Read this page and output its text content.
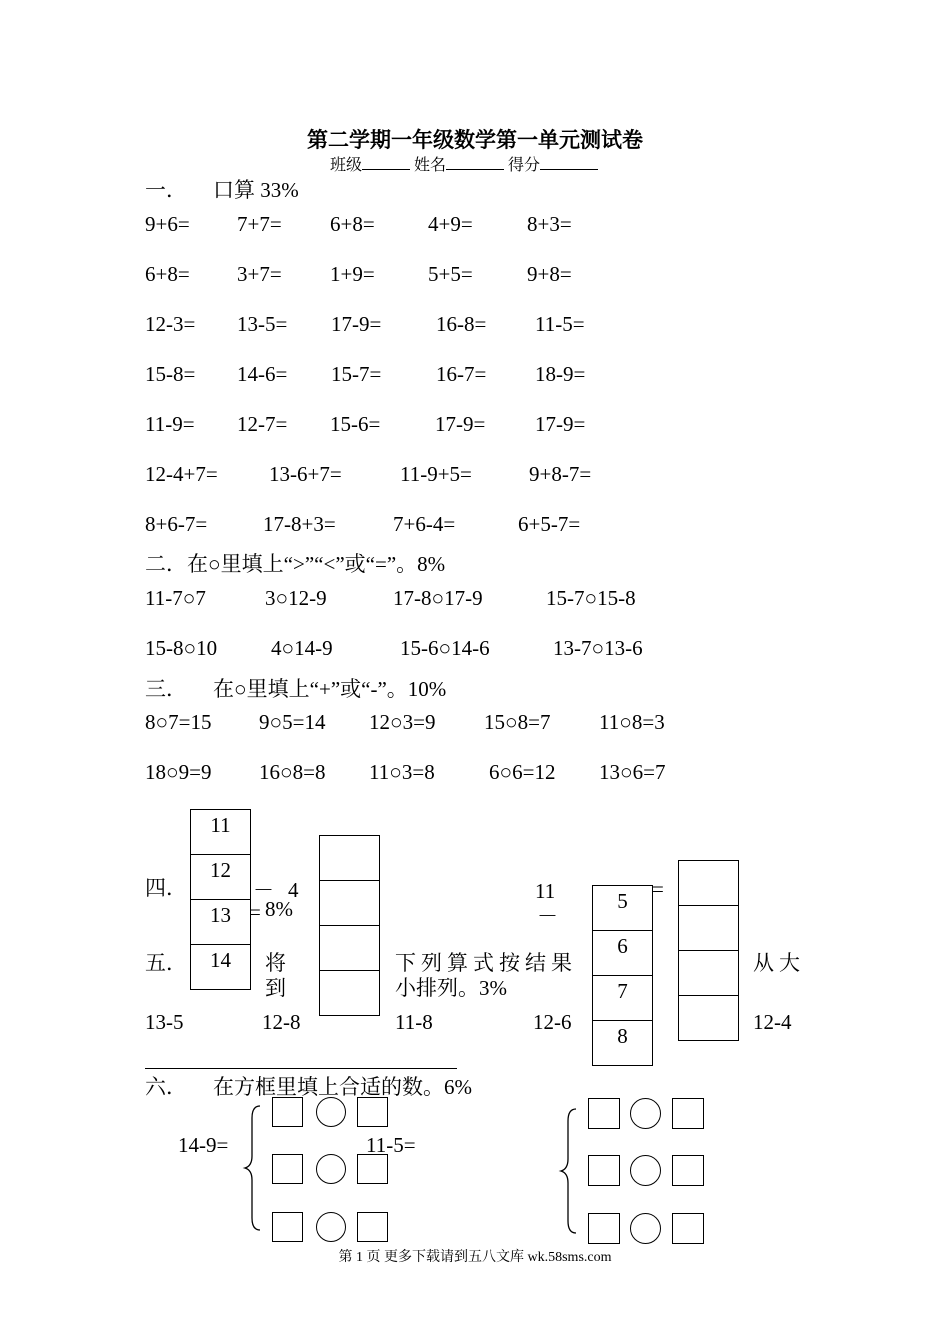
第二学期一年级数学第一单元测试卷
班级	姓名	得分
一． 口算 33%
9+6= 7+7= 6+8=	4+9=	8+3=
6+8= 3+7= 1+9=	5+5=	9+8=
12-3= 13-5= 17-9=	16-8= 11-5=
15-8= 14-6= 15-7=	16-7= 18-9=
11-9= 12-7= 15-6=	17-9= 17-9=
12-4+7= 13-6+7=	11-9+5=	9+8-7=
8+6-7=	17-8+3=	7+6-4=	6+5-7=
二．在○里填上“>”“<”或“=”。8%
11-7○7	3○12-9	17-8○17-9	15-7○15-8
15-8○10	4○14-9	15-6○14-6	13-7○13-6
三． 在○里填上“+”或“-”。10%
8○7=15 9○5=14 12○3=9 15○8=7 11○8=3
18○9=9 16○8=8 11○3=8	6○6=12 13○6=7
四．
11
12
13
14
－ 4
= 8%
11
－
5
6
7
8
=
五．	将
到
下列算式按结果
小排列。3%
从大
13-5	12-8	11-8	12-6	12-4
六． 在方框里填上合适的数。6%
14-9=	11-5=
第 1 页 更多下载请到五八文库 wk.58sms.com
